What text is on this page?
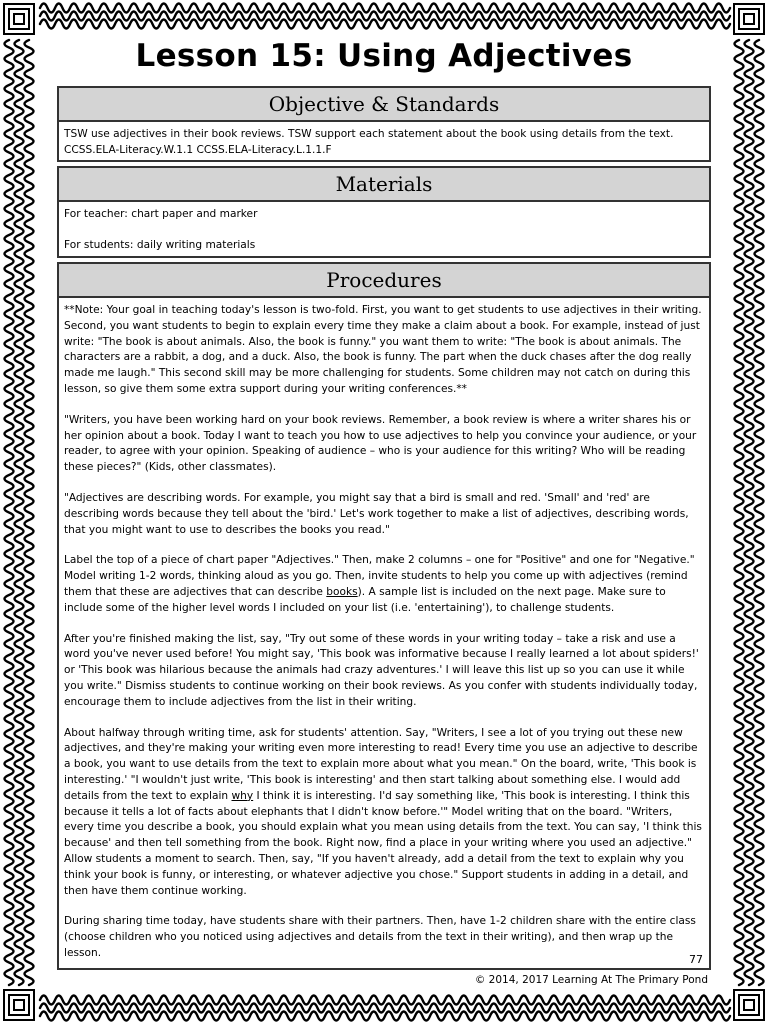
Lesson 15: Using Adjectives
Objective & Standards

TSW use adjectives in their book reviews. TSW support each statement about the book using details from the text.

CCSS.ELA-Literacy.W.1.1 CCSS.ELA-Literacy.L.1.1.F

Materials

For teacher: chart paper and marker

For students: daily writing materials

Procedures

**Note: Your goal in teaching today's lesson is two-fold. First, you want to get students to use adjectives in their writing. Second, you want students to begin to explain every time they make a claim about a book. For example, instead of just write: "The book is about animals. Also, the book is funny." you want them to write: "The book is about animals. The characters are a rabbit, a dog, and a duck. Also, the book is funny. The part when the duck chases after the dog really made me laugh." This second skill may be more challenging for students. Some children may not catch on during this lesson, so give them some extra support during your writing conferences.**

"Writers, you have been working hard on your book reviews. Remember, a book review is where a writer shares his or her opinion about a book. Today I want to teach you how to use adjectives to help you convince your audience, or your reader, to agree with your opinion. Speaking of audience – who is your audience for this writing? Who will be reading these pieces?" (Kids, other classmates).

"Adjectives are describing words. For example, you might say that a bird is small and red. 'Small' and 'red' are describing words because they tell about the 'bird.' Let's work together to make a list of adjectives, describing words, that you might want to use to describes the books you read."

Label the top of a piece of chart paper "Adjectives." Then, make 2 columns – one for "Positive" and one for "Negative." Model writing 1-2 words, thinking aloud as you go. Then, invite students to help you come up with adjectives (remind them that these are adjectives that can describe books). A sample list is included on the next page. Make sure to include some of the higher level words I included on your list (i.e. 'entertaining'), to challenge students.

After you're finished making the list, say, "Try out some of these words in your writing today – take a risk and use a word you've never used before! You might say, 'This book was informative because I really learned a lot about spiders!' or 'This book was hilarious because the animals had crazy adventures.' I will leave this list up so you can use it while you write." Dismiss students to continue working on their book reviews. As you confer with students individually today, encourage them to include adjectives from the list in their writing.

About halfway through writing time, ask for students' attention. Say, "Writers, I see a lot of you trying out these new adjectives, and they're making your writing even more interesting to read! Every time you use an adjective to describe a book, you want to use details from the text to explain more about what you mean." On the board, write, 'This book is interesting.' "I wouldn't just write, 'This book is interesting' and then start talking about something else. I would add details from the text to explain why I think it is interesting. I'd say something like, 'This book is interesting. I think this because it tells a lot of facts about elephants that I didn't know before.'" Model writing that on the board. "Writers, every time you describe a book, you should explain what you mean using details from the text. You can say, 'I think this because' and then tell something from the book. Right now, find a place in your writing where you used an adjective." Allow students a moment to search. Then, say, "If you haven't already, add a detail from the text to explain why you think your book is funny, or interesting, or whatever adjective you chose." Support students in adding in a detail, and then have them continue working.

During sharing time today, have students share with their partners. Then, have 1-2 children share with the entire class (choose children who you noticed using adjectives and details from the text in their writing), and then wrap up the lesson.

77
© 2014, 2017 Learning At The Primary Pond
